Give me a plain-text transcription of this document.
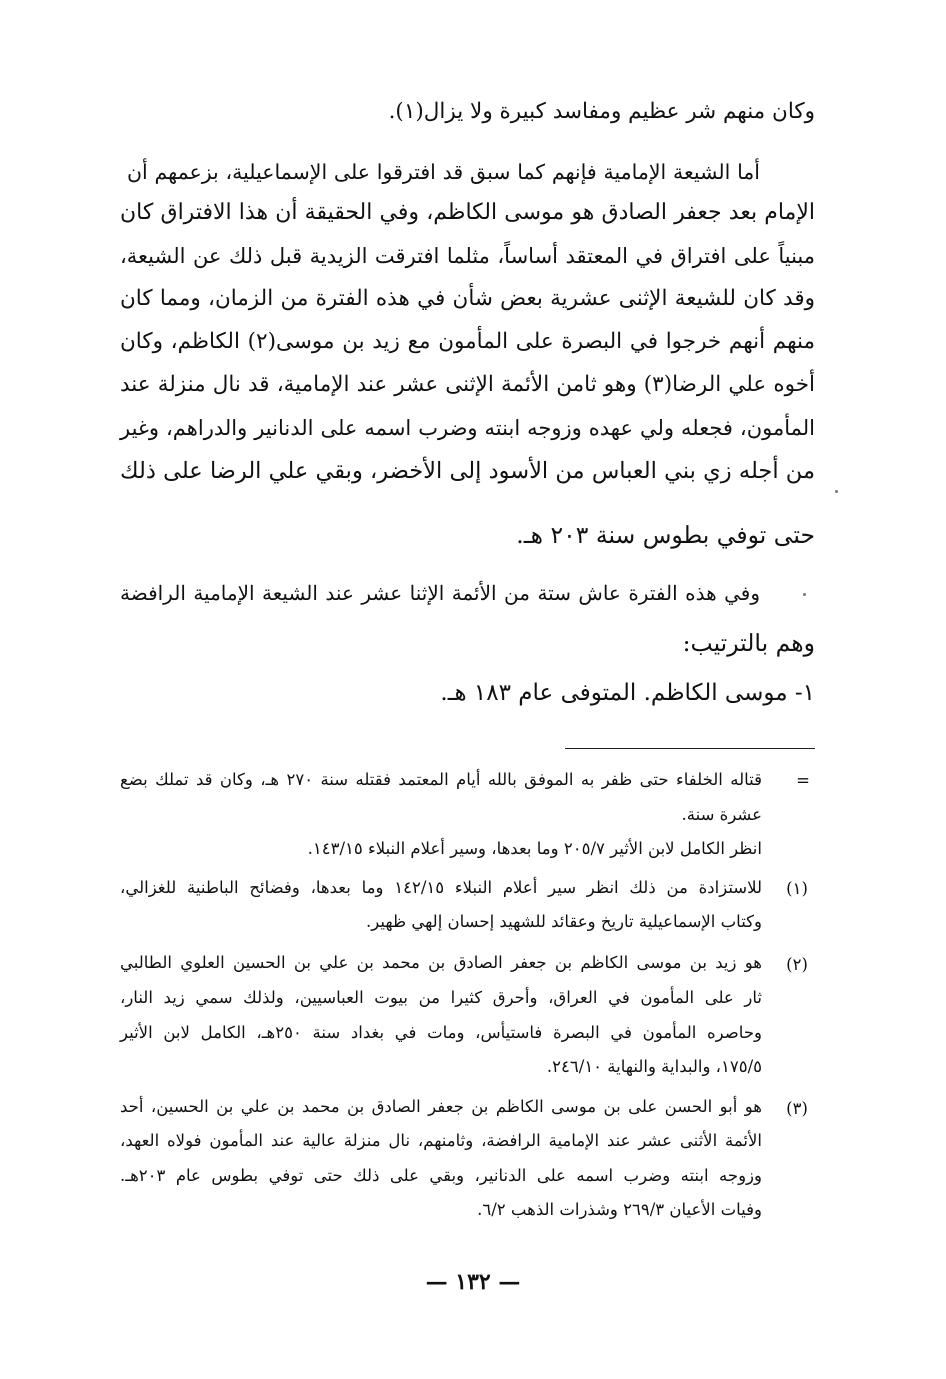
وكان منهم شر عظيم ومفاسد كبيرة ولا يزال(١).
أما الشيعة الإمامية فإنهم كما سبق قد افترقوا على الإسماعيلية، بزعمهم أن
الإمام بعد جعفر الصادق هو موسى الكاظم، وفي الحقيقة أن هذا الافتراق كان
مبنياً على افتراق في المعتقد أساساً، مثلما افترقت الزيدية قبل ذلك عن الشيعة،
وقد كان للشيعة الإثنى عشرية بعض شأن في هذه الفترة من الزمان، ومما كان
منهم أنهم خرجوا في البصرة على المأمون مع زيد بن موسى(٢) الكاظم، وكان
أخوه علي الرضا(٣) وهو ثامن الأئمة الإثنى عشر عند الإمامية، قد نال منزلة عند
المأمون، فجعله ولي عهده وزوجه ابنته وضرب اسمه على الدنانير والدراهم، وغير
من أجله زي بني العباس من الأسود إلى الأخضر، وبقي علي الرضا على ذلك
حتى توفي بطوس سنة ٢٠٣ هـ.
وفي هذه الفترة عاش ستة من الأئمة الإثنا عشر عند الشيعة الإمامية الرافضة
وهم بالترتيب:
١- موسى الكاظم. المتوفى عام ١٨٣ هـ.
=
قتاله الخلفاء حتى ظفر به الموفق بالله أيام المعتمد فقتله سنة ٢٧٠ هـ، وكان قد تملك بضع
عشرة سنة.
انظر الكامل لابن الأثير ٢٠٥/٧ وما بعدها، وسير أعلام النبلاء ١٤٣/١٥.
(١)
للاستزادة من ذلك انظر سير أعلام النبلاء ١٤٢/١٥ وما بعدها، وفضائح الباطنية للغزالي،
وكتاب الإسماعيلية تاريخ وعقائد للشهيد إحسان إلهي ظهير.
(٢)
هو زيد بن موسى الكاظم بن جعفر الصادق بن محمد بن علي بن الحسين العلوي الطالبي
ثار على المأمون في العراق، وأحرق كثيرا من بيوت العباسيين، ولذلك سمي زيد النار،
وحاصره المأمون في البصرة فاستيأس، ومات في بغداد سنة ٢٥٠هـ، الكامل لابن الأثير
١٧٥/٥، والبداية والنهاية ٢٤٦/١٠.
(٣)
هو أبو الحسن على بن موسى الكاظم بن جعفر الصادق بن محمد بن علي بن الحسين، أحد
الأئمة الأثنى عشر عند الإمامية الرافضة، وثامنهم، نال منزلة عالية عند المأمون فولاه العهد،
وزوجه ابنته وضرب اسمه على الدنانير، وبقي على ذلك حتى توفي بطوس عام ٢٠٣هـ.
وفيات الأعيان ٢٦٩/٣ وشذرات الذهب ٦/٢.
— ١٣٢ —
